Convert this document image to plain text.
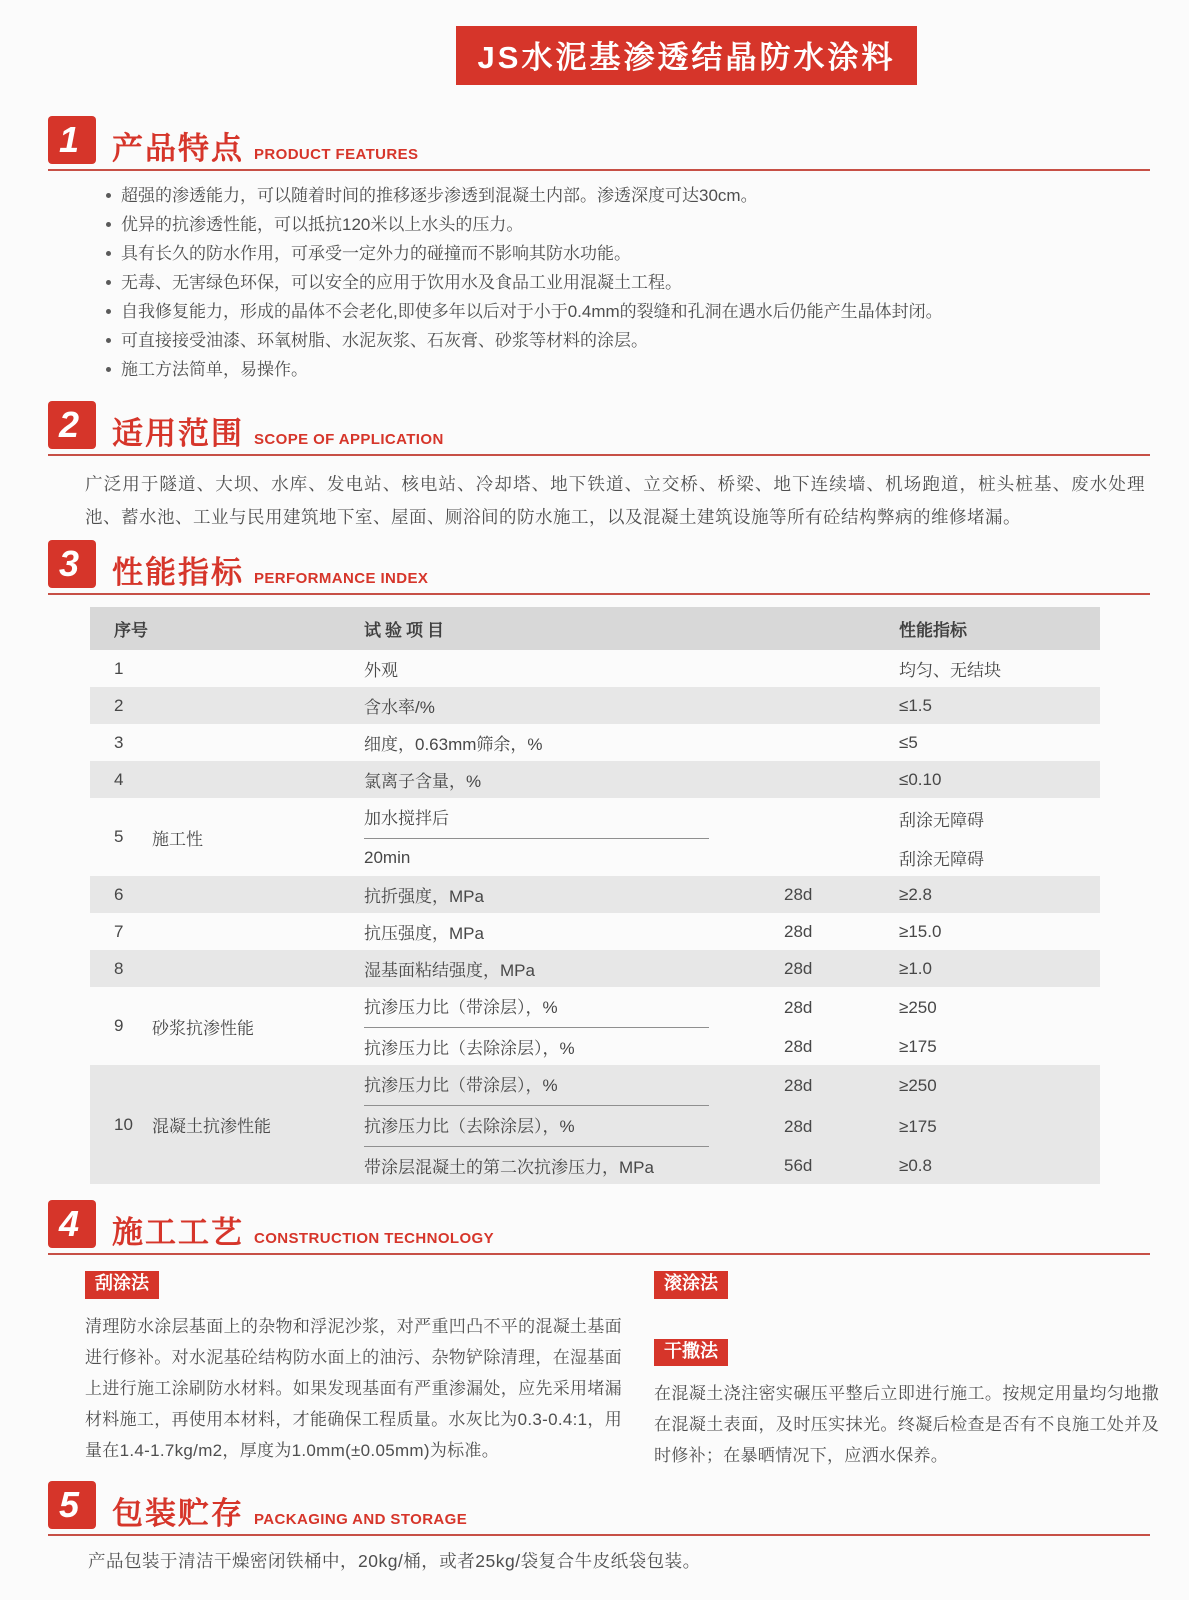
JS水泥基渗透结晶防水涂料
1	产品特点 PRODUCT FEATURES
超强的渗透能力，可以随着时间的推移逐步渗透到混凝土内部。渗透深度可达30cm。
优异的抗渗透性能，可以抵抗120米以上水头的压力。
具有长久的防水作用，可承受一定外力的碰撞而不影响其防水功能。
无毒、无害绿色环保，可以安全的应用于饮用水及食品工业用混凝土工程。
自我修复能力，形成的晶体不会老化,即使多年以后对于小于0.4mm的裂缝和孔洞在遇水后仍能产生晶体封闭。
可直接接受油漆、环氧树脂、水泥灰浆、石灰膏、砂浆等材料的涂层。
施工方法简单，易操作。
2	适用范围 SCOPE OF APPLICATION

广泛用于隧道、大坝、水库、发电站、核电站、冷却塔、地下铁道、立交桥、桥梁、地下连续墙、机场跑道，桩头桩基、废水处理池、蓄水池、工业与民用建筑地下室、屋面、厕浴间的防水施工，以及混凝土建筑设施等所有砼结构弊病的维修堵漏。

3	性能指标 PERFORMANCE INDEX
序号		试验项目		性能指标
1		外观		均匀、无结块
2		含水率/%		≤1.5
3		细度，0.63mm筛余，%		≤5
4		氯离子含量，%		≤0.10
5	施工性	加水搅拌后		刮涂无障碍
		20min		刮涂无障碍
6		抗折强度，MPa	28d	≥2.8
7		抗压强度，MPa	28d	≥15.0
8		湿基面粘结强度，MPa	28d	≥1.0
9	砂浆抗渗性能	抗渗压力比（带涂层），%	28d	≥250
		抗渗压力比（去除涂层），%	28d	≥175
10	混凝土抗渗性能	抗渗压力比（带涂层），%	28d	≥250
		抗渗压力比（去除涂层），%	28d	≥175
		带涂层混凝土的第二次抗渗压力，MPa	56d	≥0.8
4	施工工艺 CONSTRUCTION TECHNOLOGY
刮涂法

清理防水涂层基面上的杂物和浮泥沙浆，对严重凹凸不平的混凝土基面进行修补。对水泥基砼结构防水面上的油污、杂物铲除清理，在湿基面上进行施工涂刷防水材料。如果发现基面有严重渗漏处，应先采用堵漏材料施工，再使用本材料，才能确保工程质量。水灰比为0.3-0.4:1，用量在1.4-1.7kg/m2，厚度为1.0mm(±0.05mm)为标准。

滚涂法

干撒法

在混凝土浇注密实碾压平整后立即进行施工。按规定用量均匀地撒在混凝土表面，及时压实抹光。终凝后检查是否有不良施工处并及时修补；在暴晒情况下，应洒水保养。

5	包装贮存 PACKAGING AND STORAGE

产品包装于清洁干燥密闭铁桶中，20kg/桶，或者25kg/袋复合牛皮纸袋包装。
